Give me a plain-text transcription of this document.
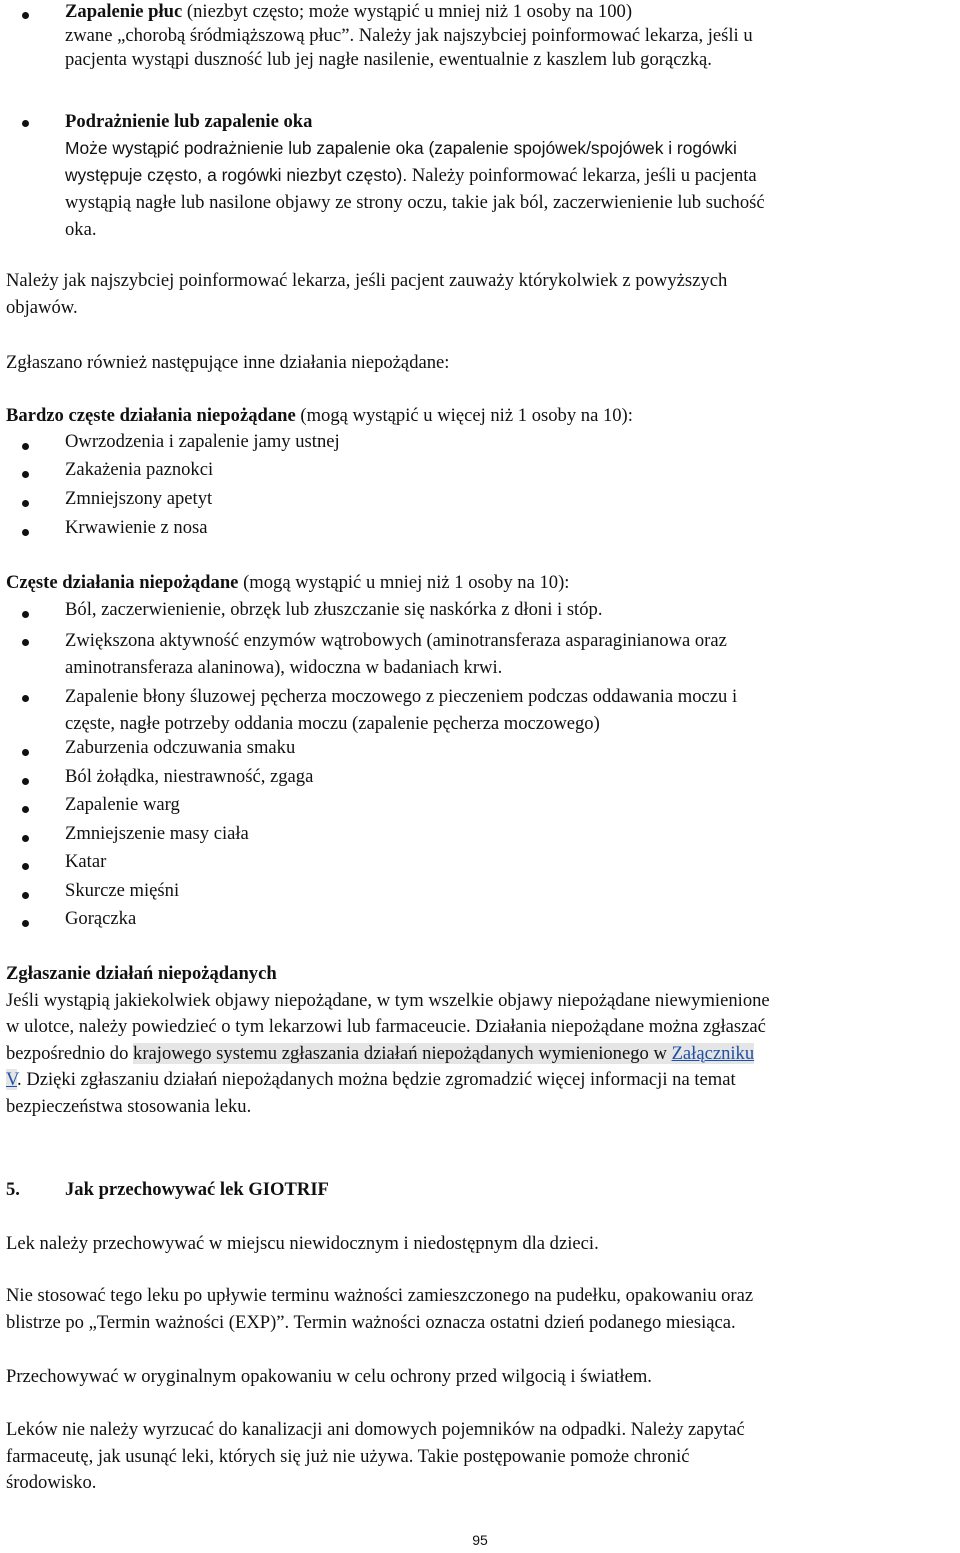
Zapalenie płuc (niezbyt często; może wystąpić u mniej niż 1 osoby na 100)
zwane „chorobą śródmiąższową płuc”. Należy jak najszybciej poinformować lekarza, jeśli u
pacjenta wystąpi duszność lub jej nagłe nasilenie, ewentualnie z kaszlem lub gorączką.
Podrażnienie lub zapalenie oka
Może wystąpić podrażnienie lub zapalenie oka (zapalenie spojówek/spojówek i rogówki
występuje często, a rogówki niezbyt często). Należy poinformować lekarza, jeśli u pacjenta
wystąpią nagłe lub nasilone objawy ze strony oczu, takie jak ból, zaczerwienienie lub suchość
oka.
Należy jak najszybciej poinformować lekarza, jeśli pacjent zauważy którykolwiek z powyższych
objawów.
Zgłaszano również następujące inne działania niepożądane:
Bardzo częste działania niepożądane (mogą wystąpić u więcej niż 1 osoby na 10):
Owrzodzenia i zapalenie jamy ustnej
Zakażenia paznokci
Zmniejszony apetyt
Krwawienie z nosa
Częste działania niepożądane (mogą wystąpić u mniej niż 1 osoby na 10):
Ból, zaczerwienienie, obrzęk lub złuszczanie się naskórka z dłoni i stóp.
Zwiększona aktywność enzymów wątrobowych (aminotransferaza asparaginianowa oraz
aminotransferaza alaninowa), widoczna w badaniach krwi.
Zapalenie błony śluzowej pęcherza moczowego z pieczeniem podczas oddawania moczu i
częste, nagłe potrzeby oddania moczu (zapalenie pęcherza moczowego)
Zaburzenia odczuwania smaku
Ból żołądka, niestrawność, zgaga
Zapalenie warg
Zmniejszenie masy ciała
Katar
Skurcze mięśni
Gorączka
Zgłaszanie działań niepożądanych
Jeśli wystąpią jakiekolwiek objawy niepożądane, w tym wszelkie objawy niepożądane niewymienione
w ulotce, należy powiedzieć o tym lekarzowi lub farmaceucie. Działania niepożądane można zgłaszać
bezpośrednio do krajowego systemu zgłaszania działań niepożądanych wymienionego w Załączniku
V. Dzięki zgłaszaniu działań niepożądanych można będzie zgromadzić więcej informacji na temat
bezpieczeństwa stosowania leku.
5. Jak przechowywać lek GIOTRIF

Lek należy przechowywać w miejscu niewidocznym i niedostępnym dla dzieci.
Nie stosować tego leku po upływie terminu ważności zamieszczonego na pudełku, opakowaniu oraz
blistrze po „Termin ważności (EXP)”. Termin ważności oznacza ostatni dzień podanego miesiąca.
Przechowywać w oryginalnym opakowaniu w celu ochrony przed wilgocią i światłem.
Leków nie należy wyrzucać do kanalizacji ani domowych pojemników na odpadki. Należy zapytać
farmaceutę, jak usunąć leki, których się już nie używa. Takie postępowanie pomoże chronić
środowisko.
95
